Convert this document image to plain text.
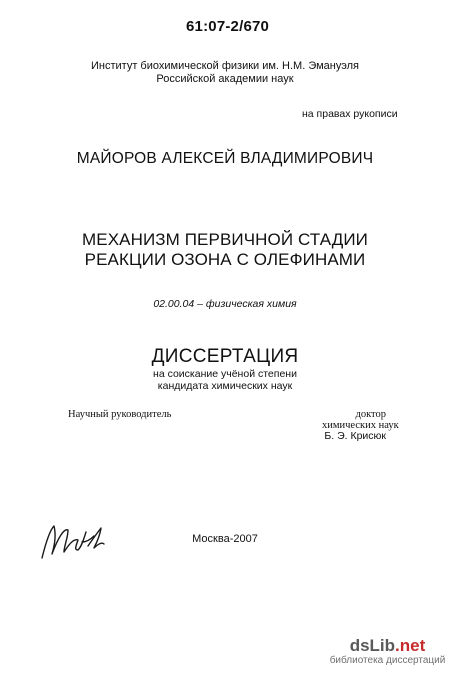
61:07-2/670
Институт биохимической физики им. Н.М. Эмануэля
Российской академии наук
на правах рукописи
МАЙОРОВ АЛЕКСЕЙ ВЛАДИМИРОВИЧ
МЕХАНИЗМ ПЕРВИЧНОЙ СТАДИИ
РЕАКЦИИ ОЗОНА С ОЛЕФИНАМИ
02.00.04 – физическая химия
ДИССЕРТАЦИЯ
на соискание учёной степени
кандидата химических наук
Научный руководитель	доктор
химических наук
Б. Э. Крисюк
Москва-2007
dsLib.net
библиотека диссертаций
